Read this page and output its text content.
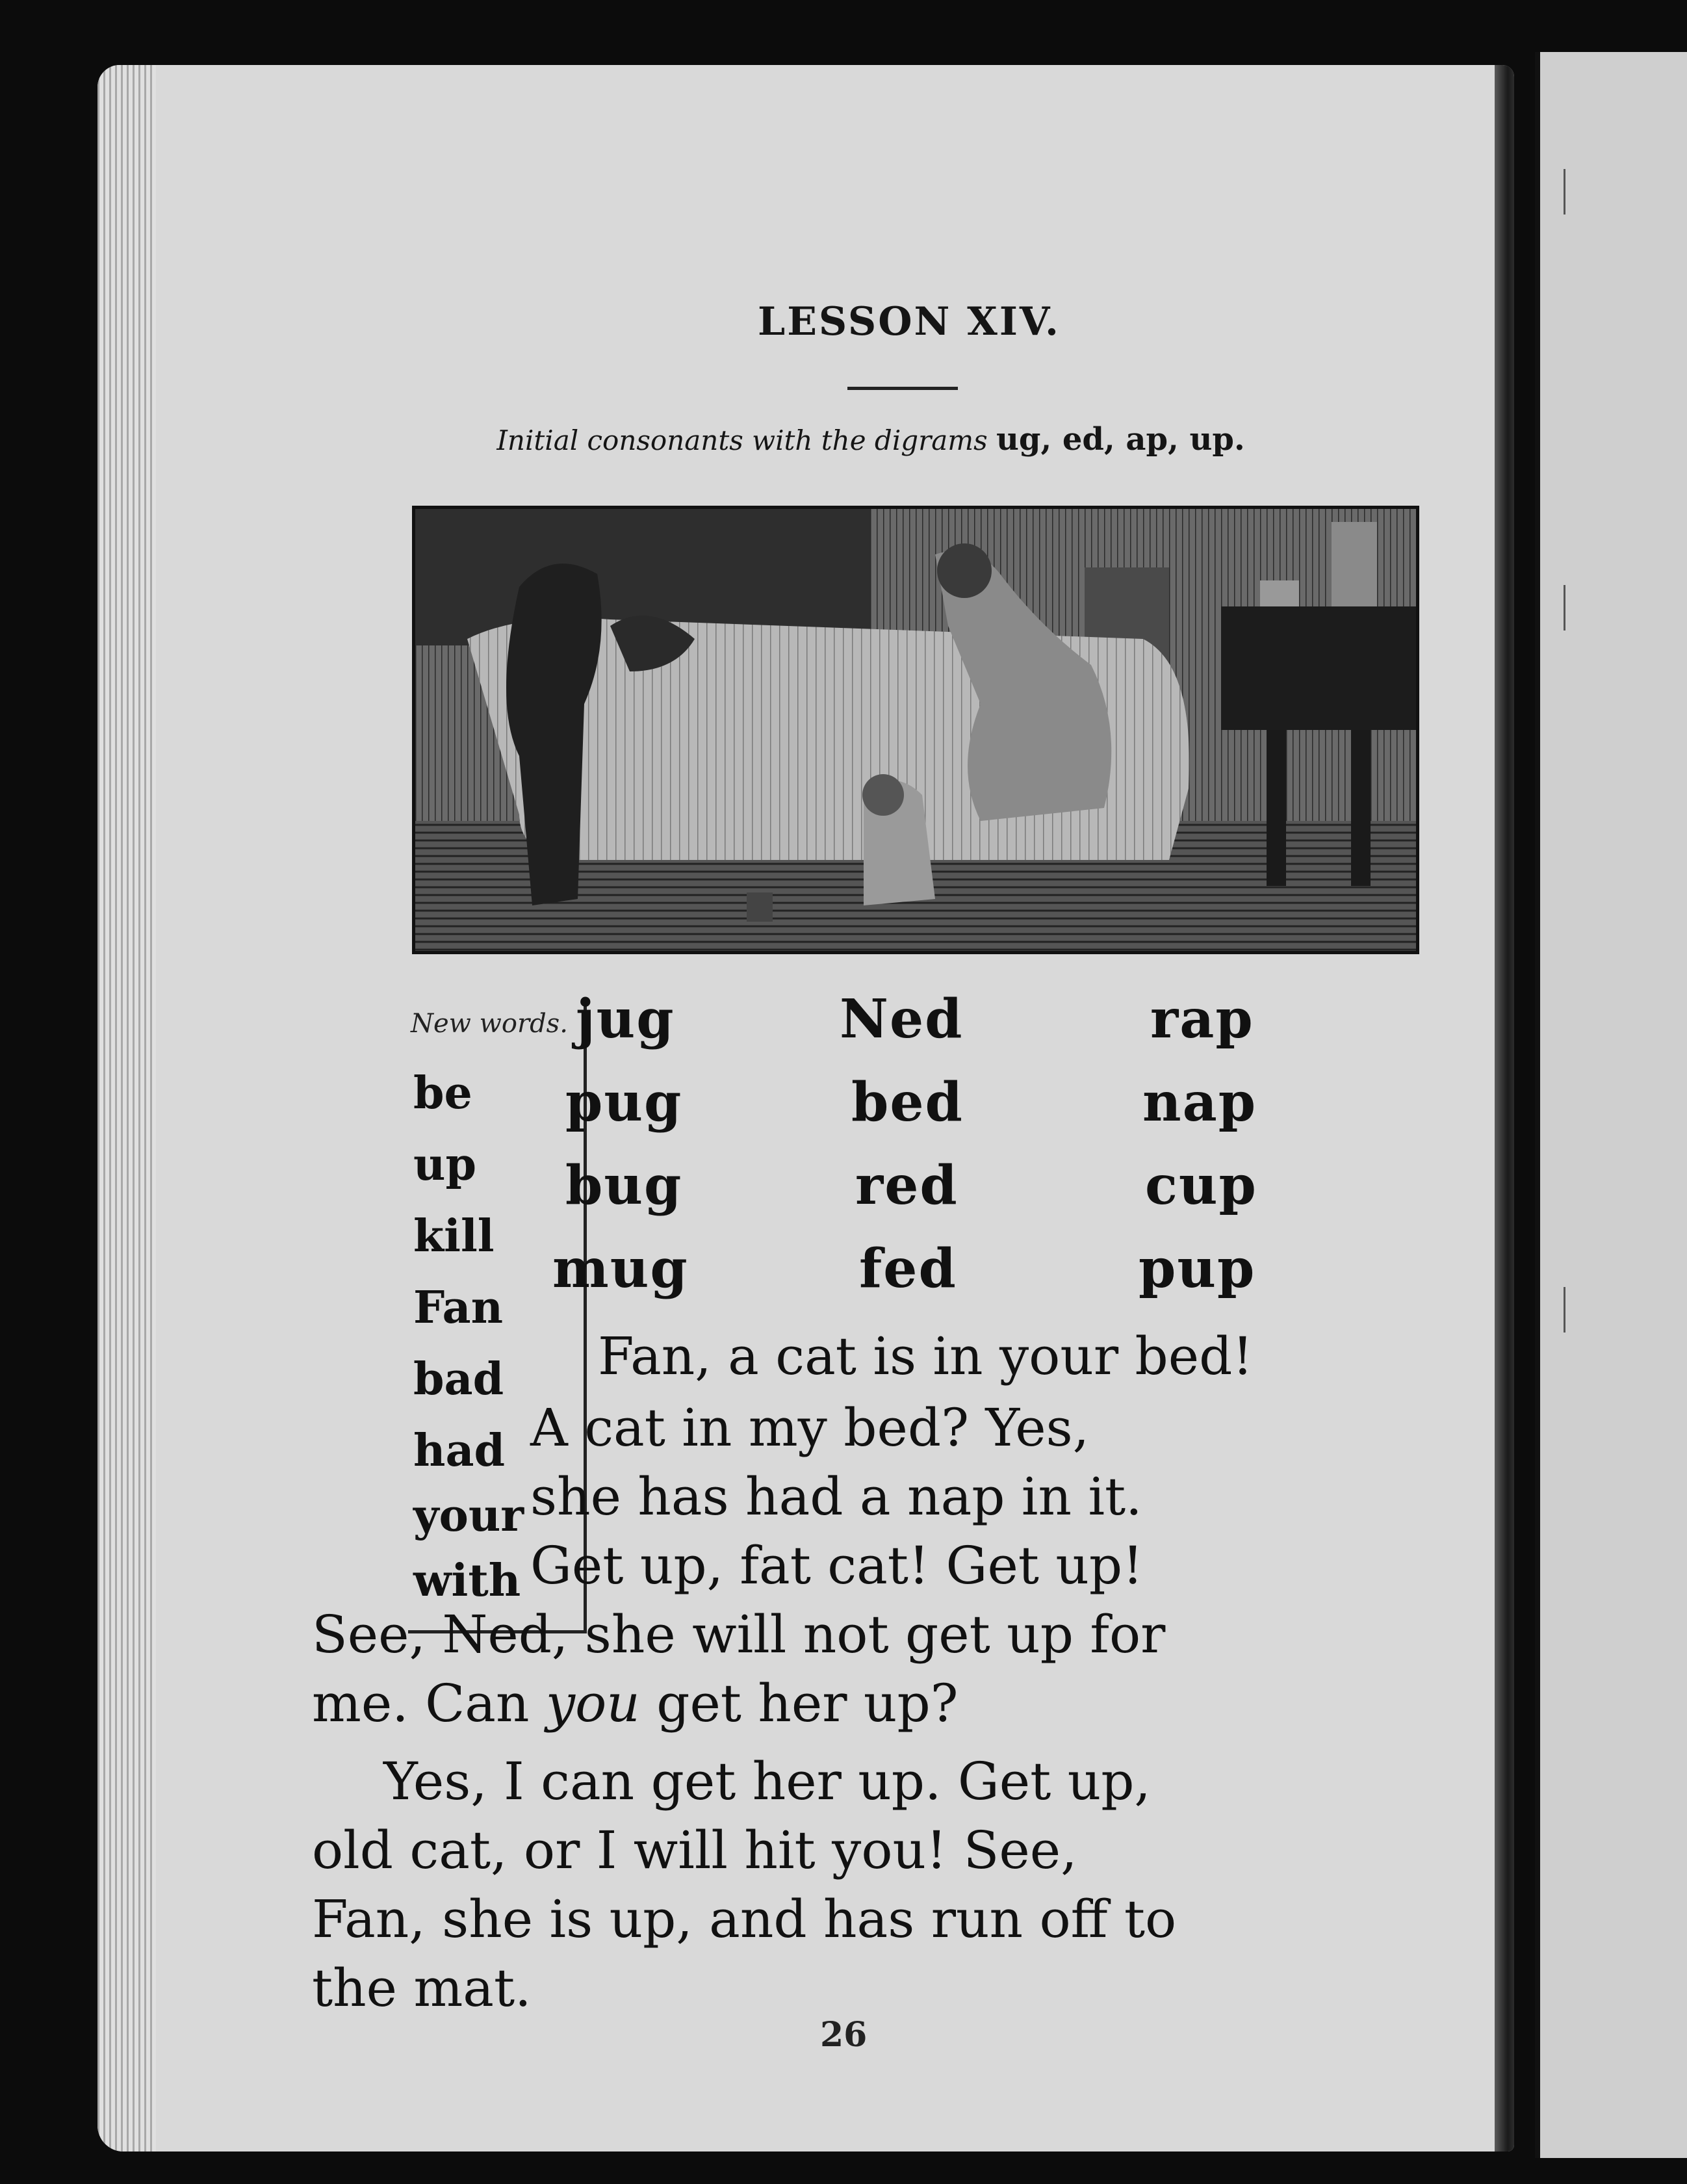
LESSON XIV.
Initial consonants with the digrams ug, ed, ap, up.
New words.
be
up
kill
Fan
bad
had
your
with
jug
pug
bug
mug
Ned
bed
red
fed
rap
nap
cup
pup
Fan, a cat is in your bed!
A cat in my bed? Yes,
she has had a nap in it.
Get up, fat cat! Get up!
See, Ned, she will not get up for
me. Can you get her up?
Yes, I can get her up. Get up,
old cat, or I will hit you! See,
Fan, she is up, and has run off to
the mat.
26
